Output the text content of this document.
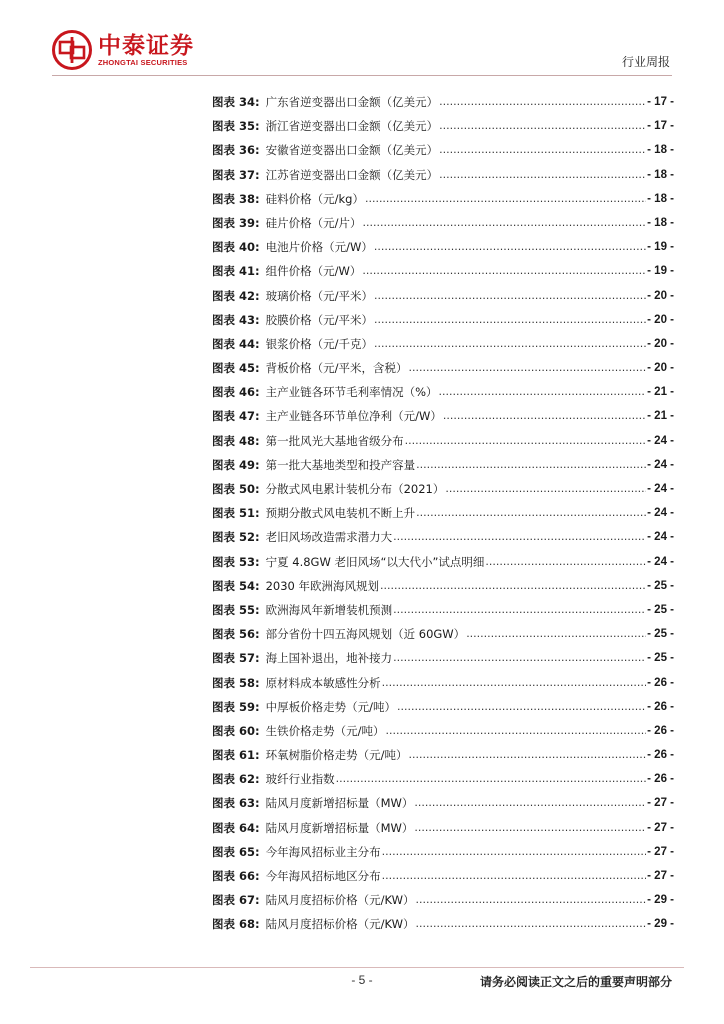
中泰证券
ZHONGTAI SECURITIES	行业周报
图表 34: 广东省逆变器出口金额（亿美元） .....	- 17 -
图表 35: 浙江省逆变器出口金额（亿美元） .....	- 17 -
图表 36: 安徽省逆变器出口金额（亿美元） .....	- 18 -
图表 37: 江苏省逆变器出口金额（亿美元） .....	- 18 -
图表 38: 硅料价格（元/kg） .....	- 18 -
图表 39: 硅片价格（元/片） .....	- 18 -
图表 40: 电池片价格（元/W） .....	- 19 -
图表 41: 组件价格（元/W） .....	- 19 -
图表 42: 玻璃价格（元/平米） .....	- 20 -
图表 43: 胶膜价格（元/平米） .....	- 20 -
图表 44: 银浆价格（元/千克） .....	- 20 -
图表 45: 背板价格（元/平米，含税） .....	- 20 -
图表 46: 主产业链各环节毛利率情况（%） .....	- 21 -
图表 47: 主产业链各环节单位净利（元/W） .....	- 21 -
图表 48: 第一批风光大基地省级分布 .....	- 24 -
图表 49: 第一批大基地类型和投产容量 .....	- 24 -
图表 50: 分散式风电累计装机分布（2021） .....	- 24 -
图表 51: 预期分散式风电装机不断上升 .....	- 24 -
图表 52: 老旧风场改造需求潜力大 .....	- 24 -
图表 53: 宁夏 4.8GW 老旧风场“以大代小”试点明细 .....	- 24 -
图表 54: 2030 年欧洲海风规划 .....	- 25 -
图表 55: 欧洲海风年新增装机预测 .....	- 25 -
图表 56: 部分省份十四五海风规划（近 60GW） .....	- 25 -
图表 57: 海上国补退出，地补接力 .....	- 25 -
图表 58: 原材料成本敏感性分析 .....	- 26 -
图表 59: 中厚板价格走势（元/吨） .....	- 26 -
图表 60: 生铁价格走势（元/吨） .....	- 26 -
图表 61: 环氧树脂价格走势（元/吨） .....	- 26 -
图表 62: 玻纤行业指数 .....	- 26 -
图表 63: 陆风月度新增招标量（MW） .....	- 27 -
图表 64: 陆风月度新增招标量（MW） .....	- 27 -
图表 65: 今年海风招标业主分布 .....	- 27 -
图表 66: 今年海风招标地区分布 .....	- 27 -
图表 67: 陆风月度招标价格（元/KW） .....	- 29 -
图表 68: 陆风月度招标价格（元/KW） .....	- 29 -
- 5 -	请务必阅读正文之后的重要声明部分
